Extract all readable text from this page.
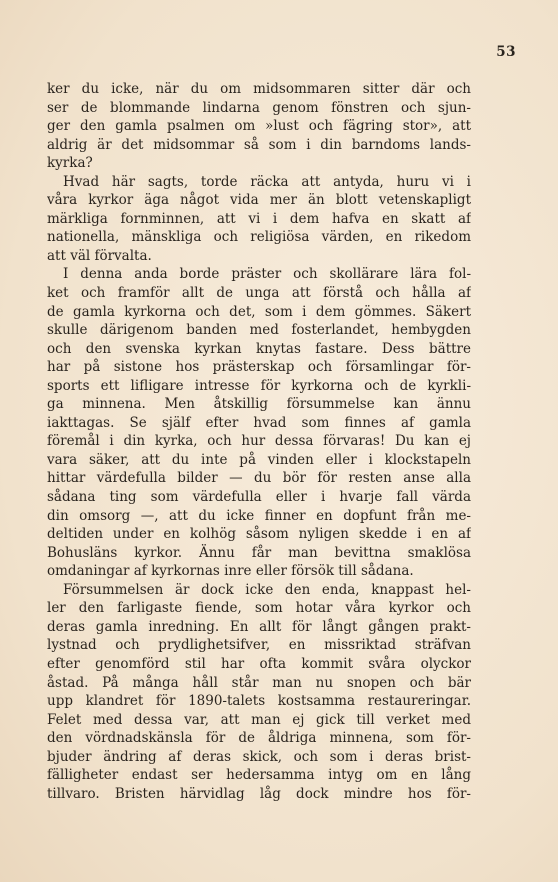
53
ker du icke, när du om midsommaren sitter där och
ser de blommande lindarna genom fönstren och sjun-
ger den gamla psalmen om »lust och fägring stor», att
aldrig är det midsommar så som i din barndoms lands-
kyrka?
Hvad här sagts, torde räcka att antyda, huru vi i
våra kyrkor äga något vida mer än blott vetenskapligt
märkliga fornminnen, att vi i dem hafva en skatt af
nationella, mänskliga och religiösa värden, en rikedom
att väl förvalta.
I denna anda borde präster och skollärare lära fol-
ket och framför allt de unga att förstå och hålla af
de gamla kyrkorna och det, som i dem gömmes. Säkert
skulle därigenom banden med fosterlandet, hembygden
och den svenska kyrkan knytas fastare. Dess bättre
har på sistone hos prästerskap och församlingar för-
sports ett lifligare intresse för kyrkorna och de kyrkli-
ga minnena. Men åtskillig försummelse kan ännu
iakttagas. Se själf efter hvad som finnes af gamla
föremål i din kyrka, och hur dessa förvaras! Du kan ej
vara säker, att du inte på vinden eller i klockstapeln
hittar värdefulla bilder — du bör för resten anse alla
sådana ting som värdefulla eller i hvarje fall värda
din omsorg —, att du icke finner en dopfunt från me-
deltiden under en kolhög såsom nyligen skedde i en af
Bohusläns kyrkor. Ännu får man bevittna smaklösa
omdaningar af kyrkornas inre eller försök till sådana.
Försummelsen är dock icke den enda, knappast hel-
ler den farligaste fiende, som hotar våra kyrkor och
deras gamla inredning. En allt för långt gången prakt-
lystnad och prydlighetsifver, en missriktad sträfvan
efter genomförd stil har ofta kommit svåra olyckor
åstad. På många håll står man nu snopen och bär
upp klandret för 1890-talets kostsamma restaureringar.
Felet med dessa var, att man ej gick till verket med
den vördnadskänsla för de åldriga minnena, som för-
bjuder ändring af deras skick, och som i deras brist-
fälligheter endast ser hedersamma intyg om en lång
tillvaro. Bristen härvidlag låg dock mindre hos för-
